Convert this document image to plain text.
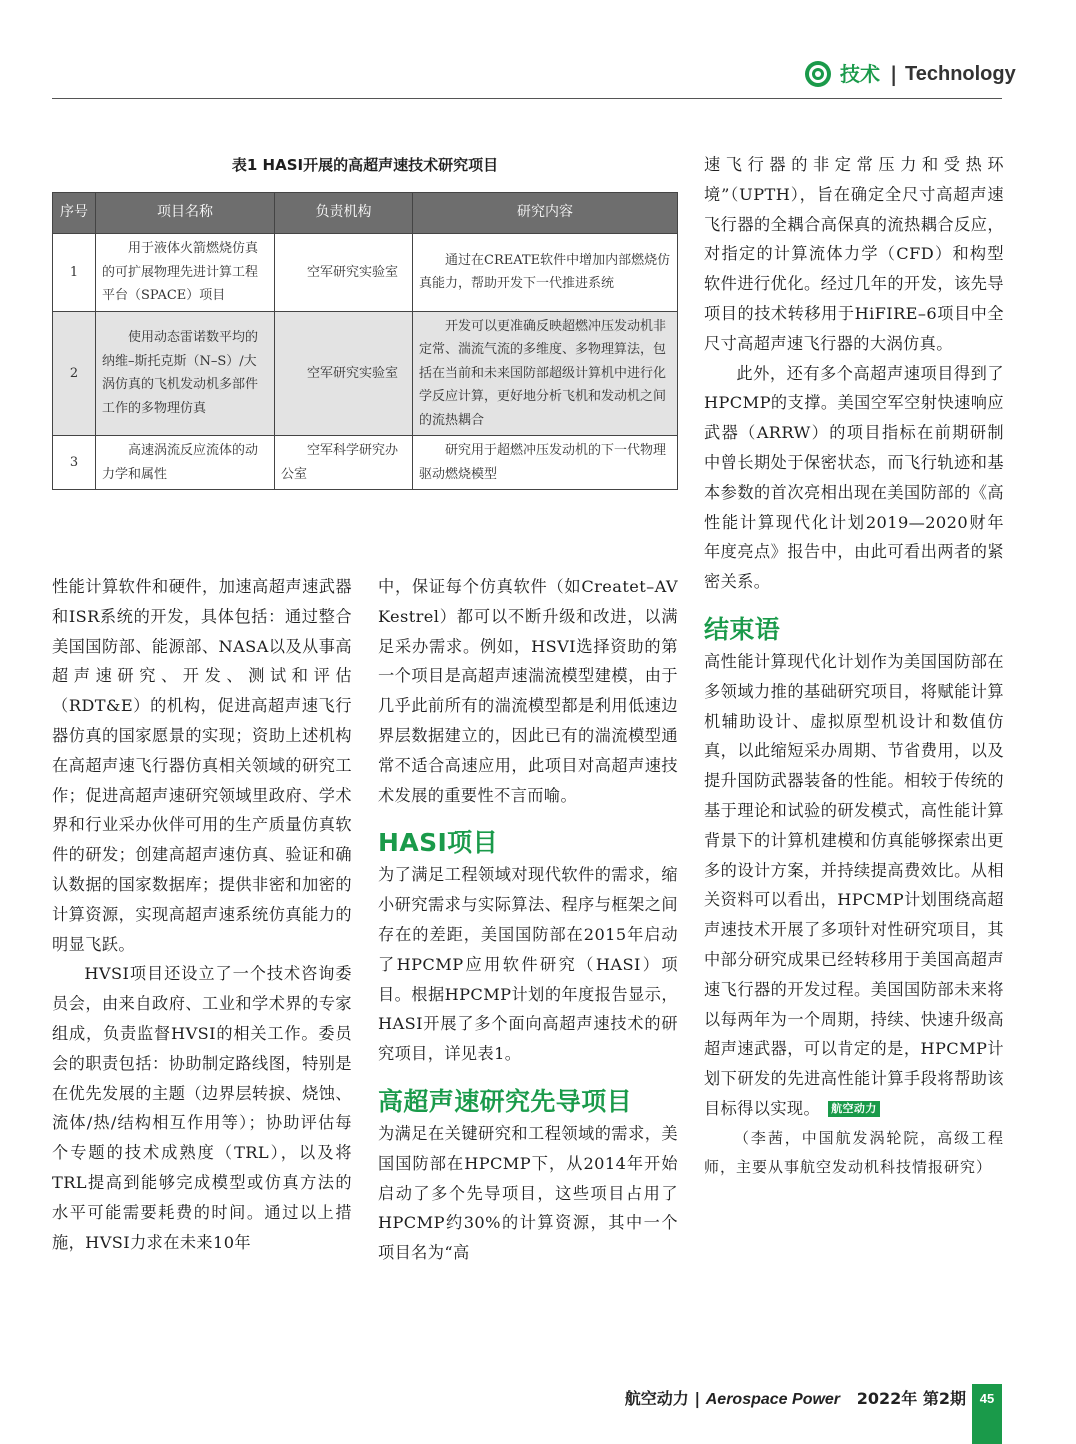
技术 | Technology
表1 HASI开展的高超声速技术研究项目
序号	项目名称	负责机构	研究内容
1	用于液体火箭燃烧仿真的可扩展物理先进计算工程平台（SPACE）项目	空军研究实验室	通过在CREATE软件中增加内部燃烧仿真能力，帮助开发下一代推进系统
2	使用动态雷诺数平均的纳维–斯托克斯（N–S）/大涡仿真的飞机发动机多部件工作的多物理仿真	空军研究实验室	开发可以更准确反映超燃冲压发动机非定常、湍流气流的多维度、多物理算法，包括在当前和未来国防部超级计算机中进行化学反应计算，更好地分析飞机和发动机之间的流热耦合
3	高速涡流反应流体的动力学和属性	空军科学研究办公室	研究用于超燃冲压发动机的下一代物理驱动燃烧模型

性能计算软件和硬件，加速高超声速武器和ISR系统的开发，具体包括：通过整合美国国防部、能源部、NASA以及从事高超声速研究、开发、测试和评估（RDT&E）的机构，促进高超声速飞行器仿真的国家愿景的实现；资助上述机构在高超声速飞行器仿真相关领域的研究工作；促进高超声速研究领域里政府、学术界和行业采办伙伴可用的生产质量仿真软件的研发；创建高超声速仿真、验证和确认数据的国家数据库；提供非密和加密的计算资源，实现高超声速系统仿真能力的明显飞跃。

HVSI项目还设立了一个技术咨询委员会，由来自政府、工业和学术界的专家组成，负责监督HVSI的相关工作。委员会的职责包括：协助制定路线图，特别是在优先发展的主题（边界层转捩、烧蚀、流体/热/结构相互作用等）；协助评估每个专题的技术成熟度（TRL），以及将TRL提高到能够完成模型或仿真方法的水平可能需要耗费的时间。通过以上措施，HVSI力求在未来10年

中，保证每个仿真软件（如Createt–AV Kestrel）都可以不断升级和改进，以满足采办需求。例如，HSVI选择资助的第一个项目是高超声速湍流模型建模，由于几乎此前所有的湍流模型都是利用低速边界层数据建立的，因此已有的湍流模型通常不适合高速应用，此项目对高超声速技术发展的重要性不言而喻。

HASI项目

为了满足工程领域对现代软件的需求，缩小研究需求与实际算法、程序与框架之间存在的差距，美国国防部在2015年启动了HPCMP应用软件研究（HASI）项目。根据HPCMP计划的年度报告显示，HASI开展了多个面向高超声速技术的研究项目，详见表1。

高超声速研究先导项目

为满足在关键研究和工程领域的需求，美国国防部在HPCMP下，从2014年开始启动了多个先导项目，这些项目占用了HPCMP约30%的计算资源，其中一个项目名为“高

速飞行器的非定常压力和受热环境”（UPTH），旨在确定全尺寸高超声速飞行器的全耦合高保真的流热耦合反应，对指定的计算流体力学（CFD）和构型软件进行优化。经过几年的开发，该先导项目的技术转移用于HiFIRE–6项目中全尺寸高超声速飞行器的大涡仿真。

此外，还有多个高超声速项目得到了HPCMP的支撑。美国空军空射快速响应武器（ARRW）的项目指标在前期研制中曾长期处于保密状态，而飞行轨迹和基本参数的首次亮相出现在美国防部的《高性能计算现代化计划2019—2020财年年度亮点》报告中，由此可看出两者的紧密关系。

结束语

高性能计算现代化计划作为美国国防部在多领域力推的基础研究项目，将赋能计算机辅助设计、虚拟原型机设计和数值仿真，以此缩短采办周期、节省费用，以及提升国防武器装备的性能。相较于传统的基于理论和试验的研发模式，高性能计算背景下的计算机建模和仿真能够探索出更多的设计方案，并持续提高费效比。从相关资料可以看出，HPCMP计划围绕高超声速技术开展了多项针对性研究项目，其中部分研究成果已经转移用于美国高超声速飞行器的开发过程。美国国防部未来将以每两年为一个周期，持续、快速升级高超声速武器，可以肯定的是，HPCMP计划下研发的先进高性能计算手段将帮助该目标得以实现。 航空动力

（李茜，中国航发涡轮院，高级工程师，主要从事航空发动机科技情报研究）

航空动力 | Aerospace Power 2022年 第2期	45
